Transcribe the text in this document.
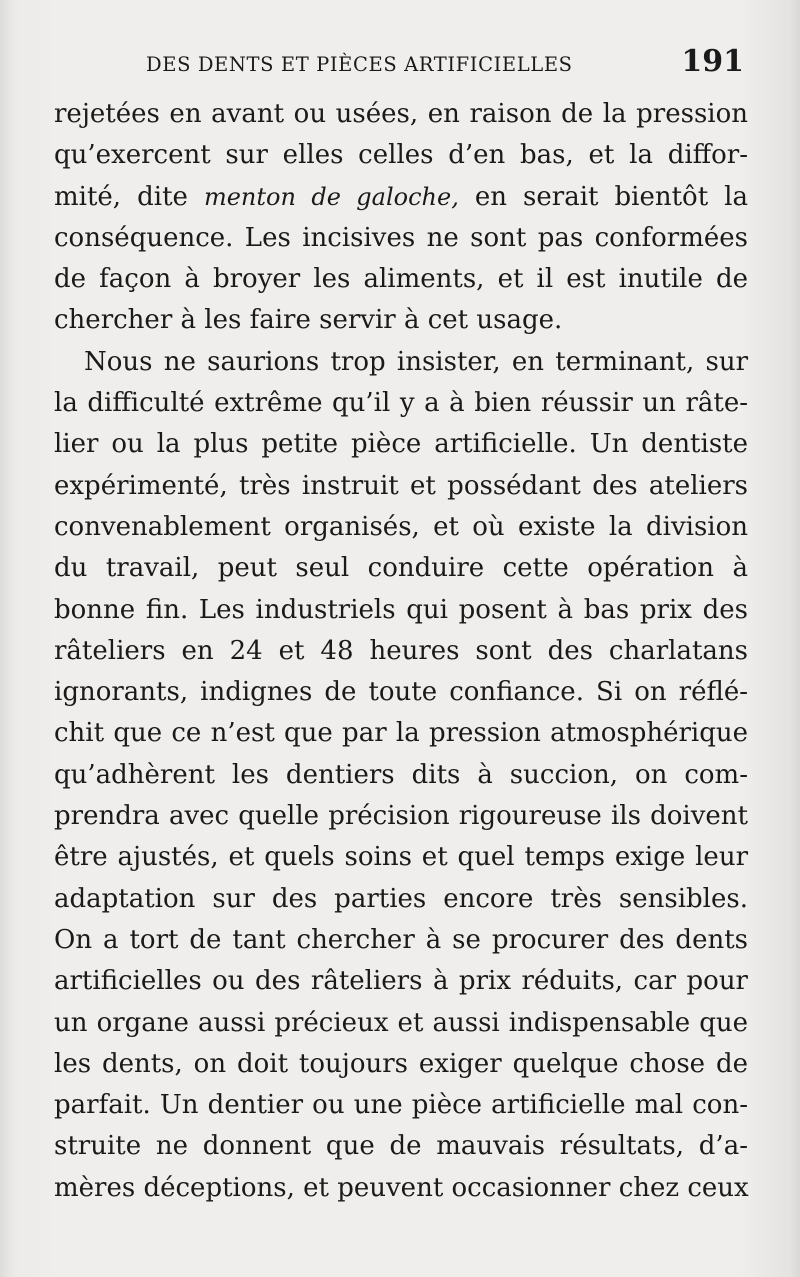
DES DENTS ET PIÈCES ARTIFICIELLES	191
rejetées en avant ou usées, en raison de la pression
qu’exercent sur elles celles d’en bas, et la diffor-
mité, dite menton de galoche, en serait bientôt la
conséquence. Les incisives ne sont pas conformées
de façon à broyer les aliments, et il est inutile de
chercher à les faire servir à cet usage.
Nous ne saurions trop insister, en terminant, sur
la difficulté extrême qu’il y a à bien réussir un râte-
lier ou la plus petite pièce artificielle. Un dentiste
expérimenté, très instruit et possédant des ateliers
convenablement organisés, et où existe la division
du travail, peut seul conduire cette opération à
bonne fin. Les industriels qui posent à bas prix des
râteliers en 24 et 48 heures sont des charlatans
ignorants, indignes de toute confiance. Si on réflé-
chit que ce n’est que par la pression atmosphérique
qu’adhèrent les dentiers dits à succion, on com-
prendra avec quelle précision rigoureuse ils doivent
être ajustés, et quels soins et quel temps exige leur
adaptation sur des parties encore très sensibles.
On a tort de tant chercher à se procurer des dents
artificielles ou des râteliers à prix réduits, car pour
un organe aussi précieux et aussi indispensable que
les dents, on doit toujours exiger quelque chose de
parfait. Un dentier ou une pièce artificielle mal con-
struite ne donnent que de mauvais résultats, d’a-
mères déceptions, et peuvent occasionner chez ceux
